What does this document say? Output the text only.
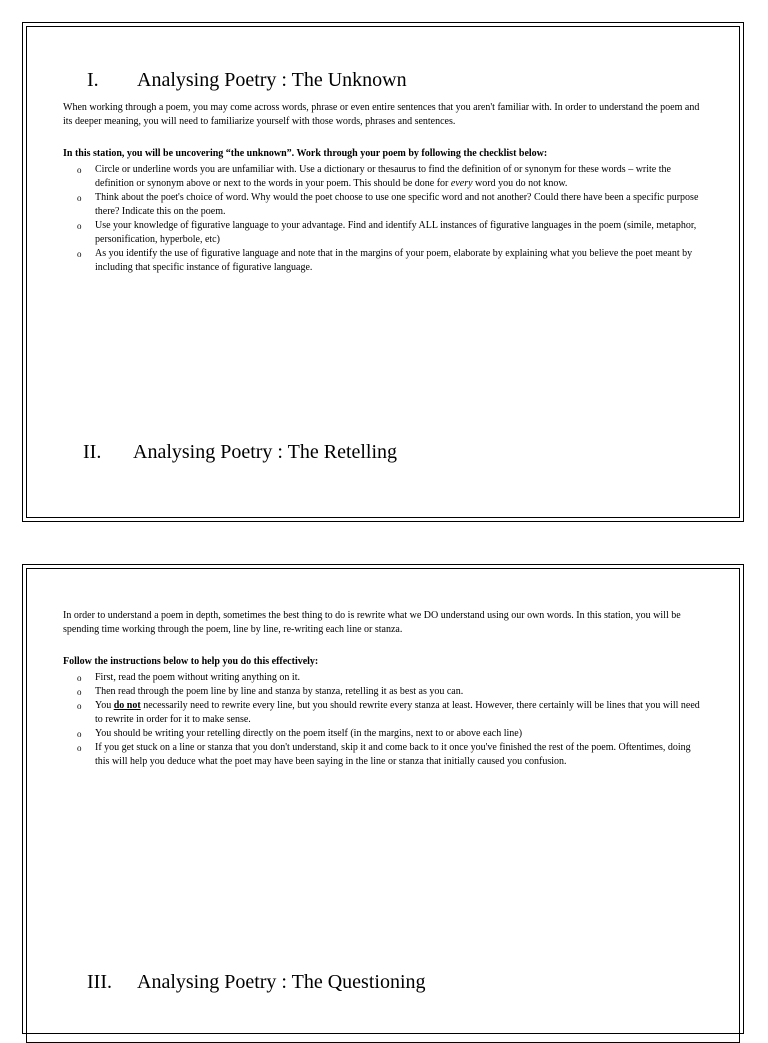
I. Analysing Poetry : The Unknown

When working through a poem, you may come across words, phrase or even entire sentences that you aren't familiar with. In order to understand the poem and its deeper meaning, you will need to familiarize yourself with those words, phrases and sentences.

In this station, you will be uncovering “the unknown”. Work through your poem by following the checklist below:

o Circle or underline words you are unfamiliar with. Use a dictionary or thesaurus to find the definition of or synonym for these words – write the definition or synonym above or next to the words in your poem. This should be done for every word you do not know.
o Think about the poet's choice of word. Why would the poet choose to use one specific word and not another? Could there have been a specific purpose there? Indicate this on the poem.
o Use your knowledge of figurative language to your advantage. Find and identify ALL instances of figurative languages in the poem (simile, metaphor, personification, hyperbole, etc)
o As you identify the use of figurative language and note that in the margins of your poem, elaborate by explaining what you believe the poet meant by including that specific instance of figurative language.
II. Analysing Poetry : The Retelling

In order to understand a poem in depth, sometimes the best thing to do is rewrite what we DO understand using our own words. In this station, you will be spending time working through the poem, line by line, re-writing each line or stanza.

Follow the instructions below to help you do this effectively:

o First, read the poem without writing anything on it.
o Then read through the poem line by line and stanza by stanza, retelling it as best as you can.
o You do not necessarily need to rewrite every line, but you should rewrite every stanza at least. However, there certainly will be lines that you will need to rewrite in order for it to make sense.
o You should be writing your retelling directly on the poem itself (in the margins, next to or above each line)
o If you get stuck on a line or stanza that you don't understand, skip it and come back to it once you've finished the rest of the poem. Oftentimes, doing this will help you deduce what the poet may have been saying in the line or stanza that initially caused you confusion.
III. Analysing Poetry : The Questioning
